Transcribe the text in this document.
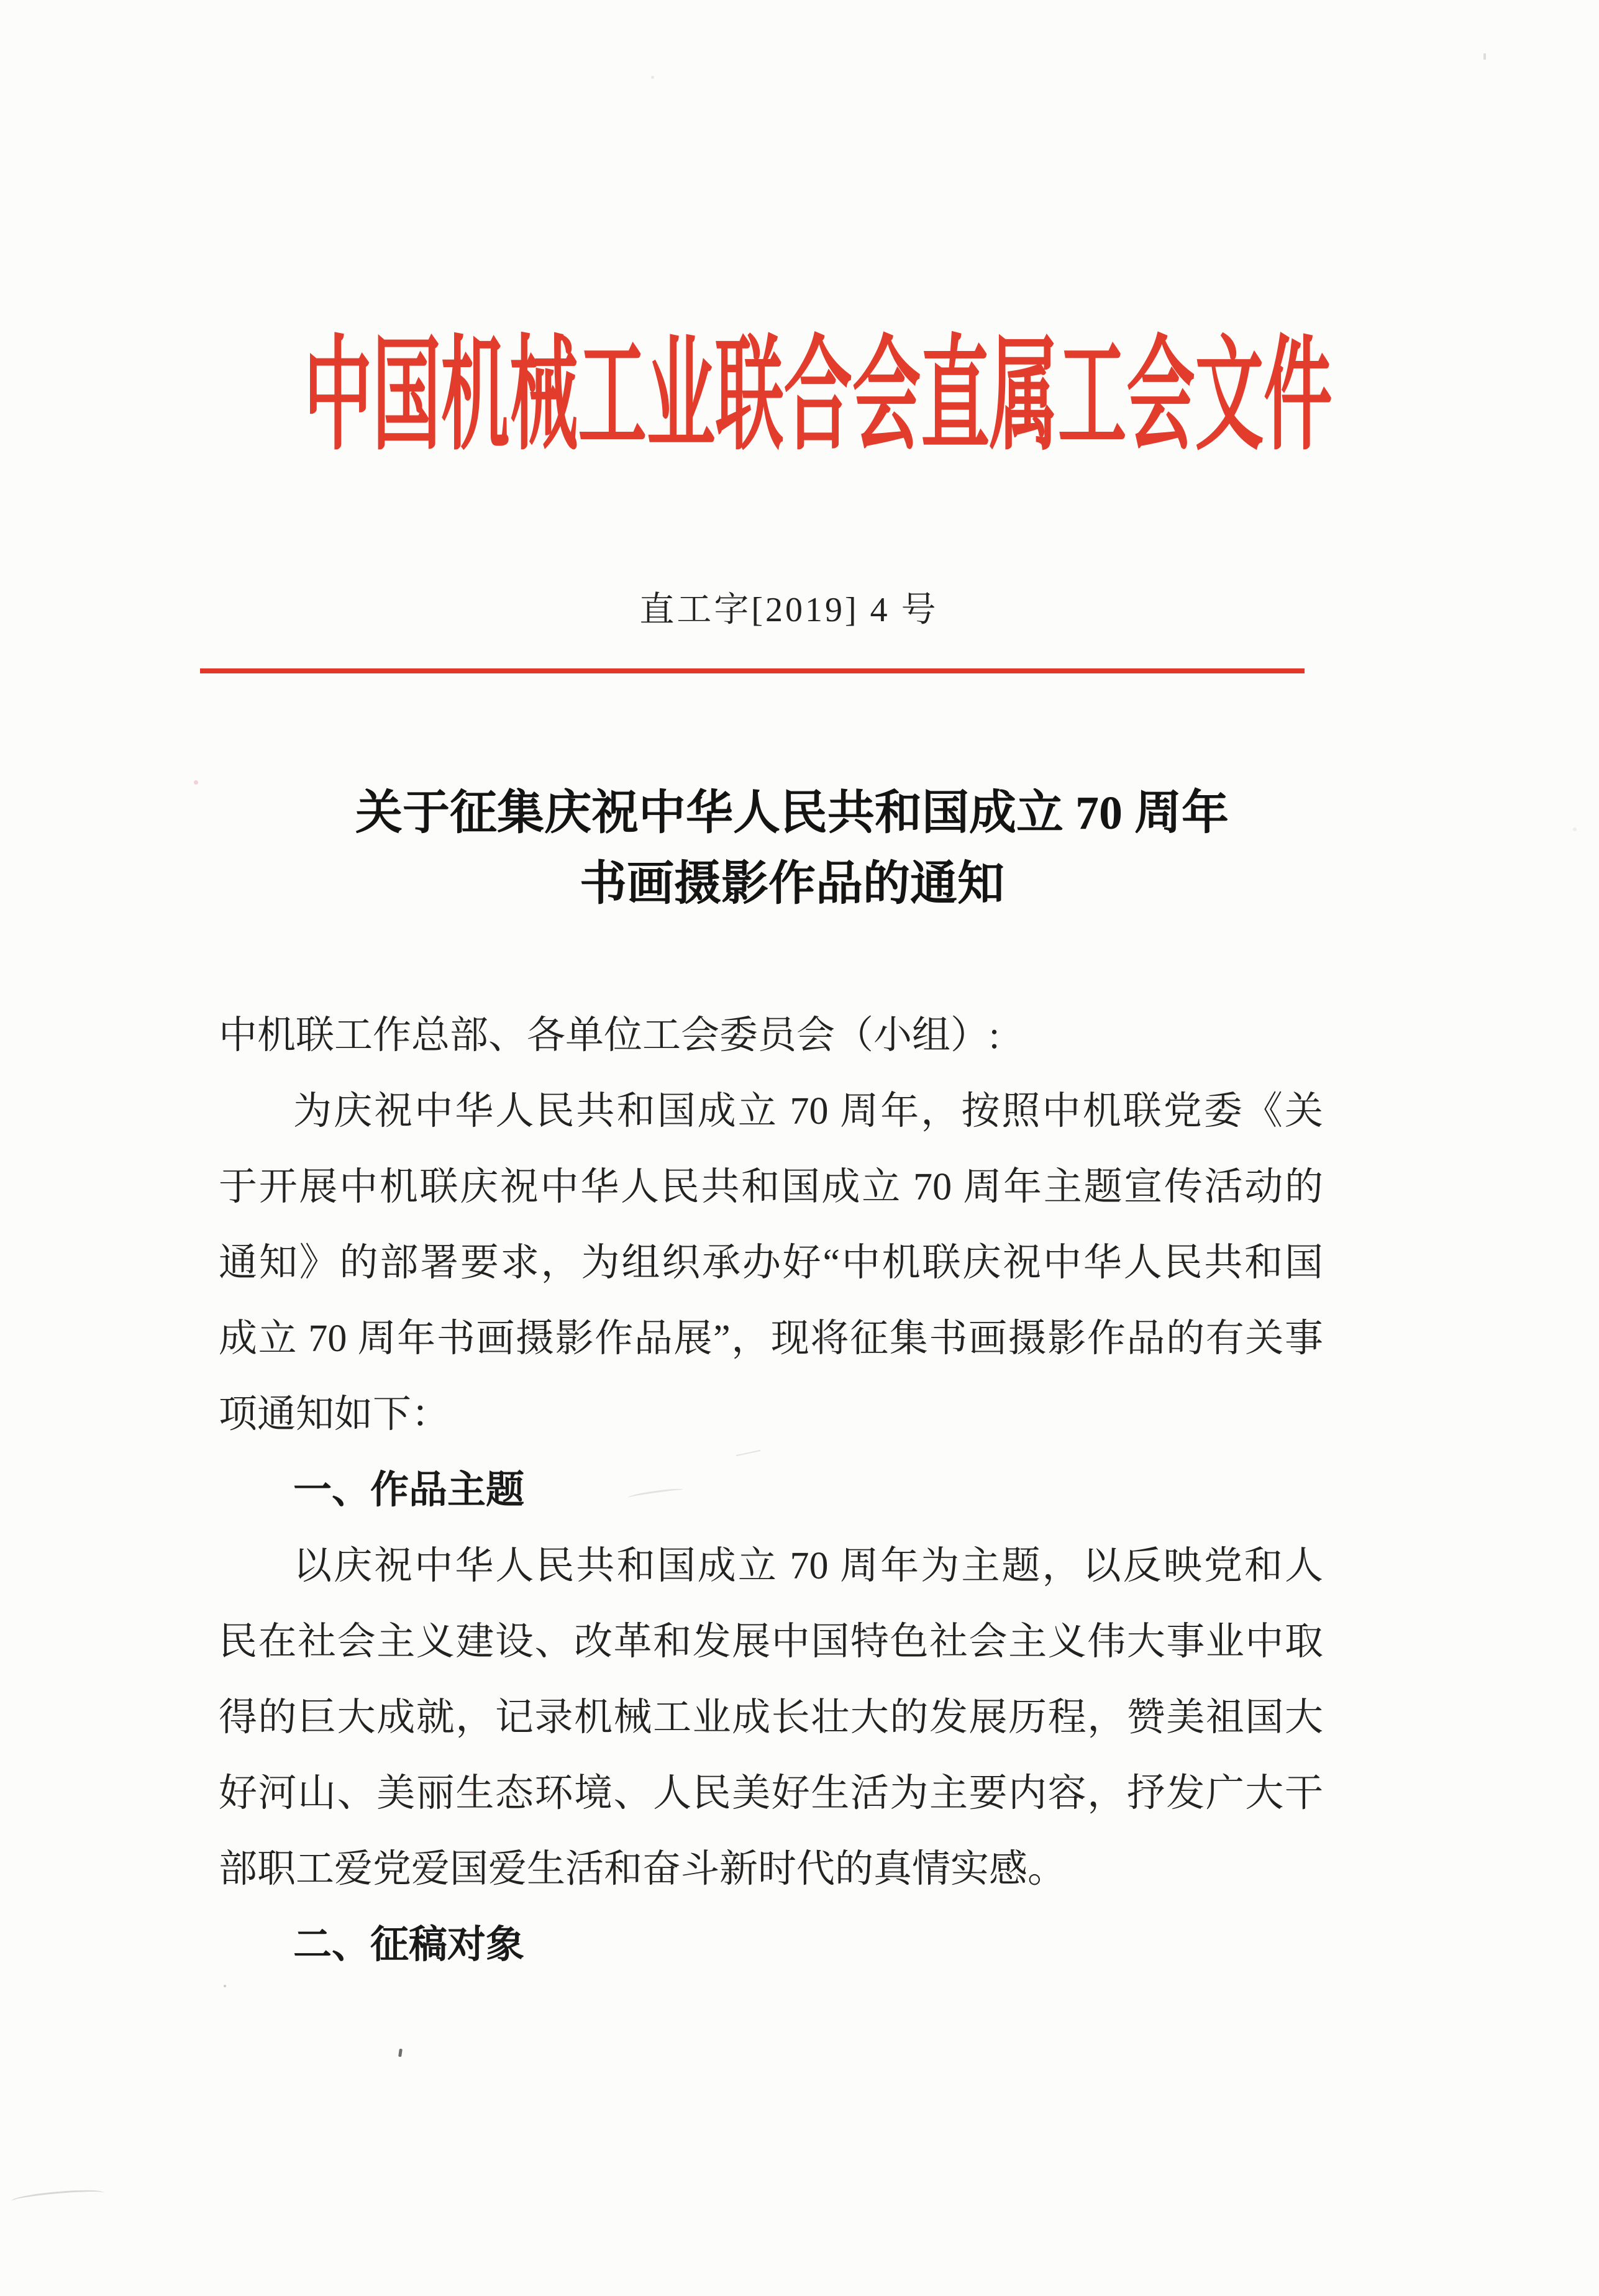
中国机械工业联合会直属工会文件
直工字[2019] 4 号
关于征集庆祝中华人民共和国成立 70 周年
书画摄影作品的通知
中机联工作总部、各单位工会委员会（小组）:
为庆祝中华人民共和国成立 70 周年，按照中机联党委《关
于开展中机联庆祝中华人民共和国成立 70 周年主题宣传活动的
通知》的部署要求，为组织承办好“中机联庆祝中华人民共和国
成立 70 周年书画摄影作品展”，现将征集书画摄影作品的有关事
项通知如下：
一、作品主题
以庆祝中华人民共和国成立 70 周年为主题，以反映党和人
民在社会主义建设、改革和发展中国特色社会主义伟大事业中取
得的巨大成就，记录机械工业成长壮大的发展历程，赞美祖国大
好河山、美丽生态环境、人民美好生活为主要内容，抒发广大干
部职工爱党爱国爱生活和奋斗新时代的真情实感。
二、征稿对象
